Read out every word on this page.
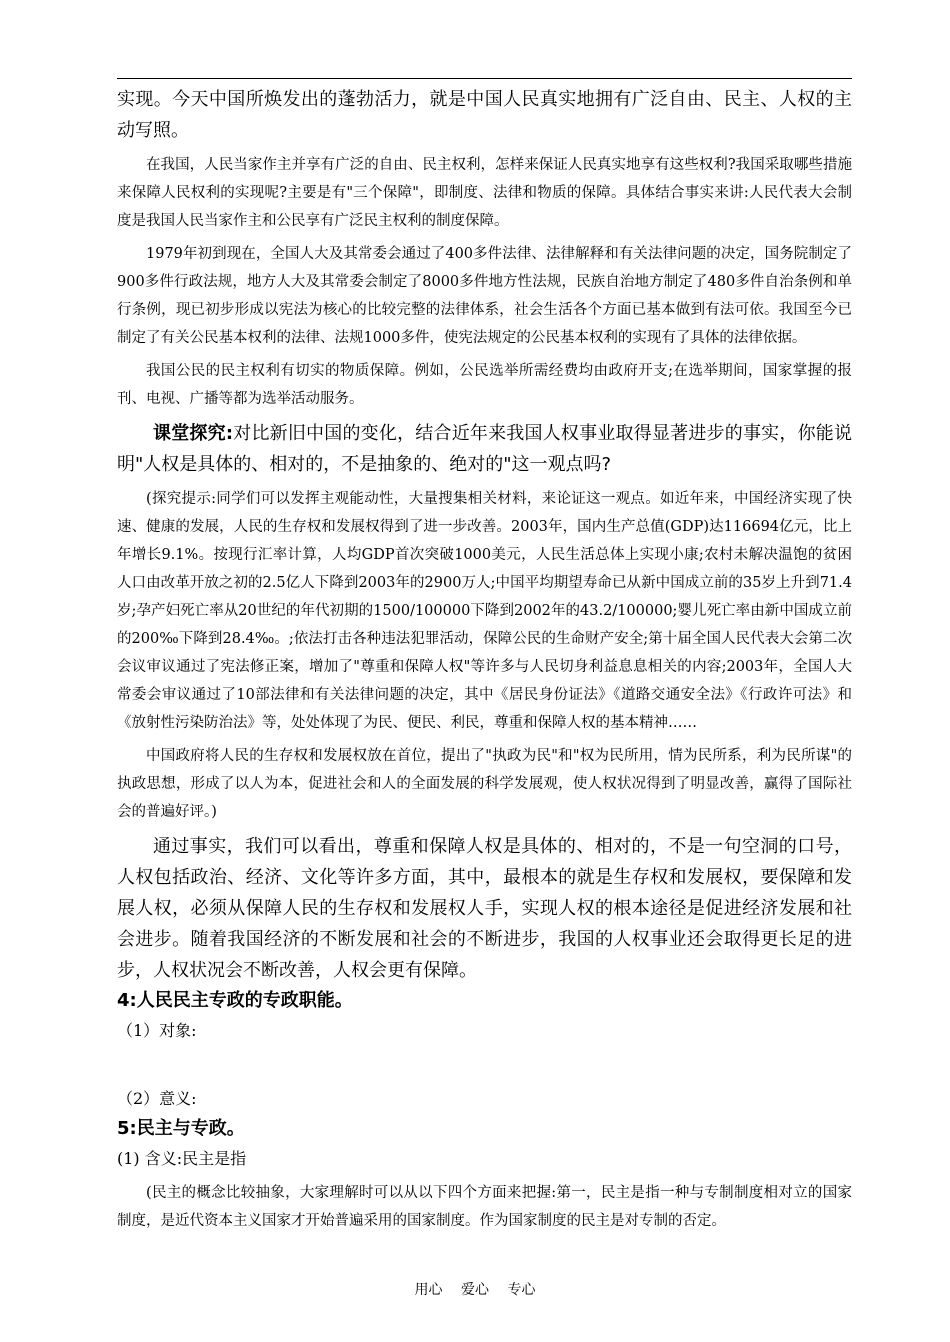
实现。今天中国所焕发出的蓬勃活力，就是中国人民真实地拥有广泛自由、民主、人权的主动写照。

在我国，人民当家作主并享有广泛的自由、民主权利，怎样来保证人民真实地享有这些权利?我国采取哪些措施来保障人民权利的实现呢?主要是有"三个保障"，即制度、法律和物质的保障。具体结合事实来讲:人民代表大会制度是我国人民当家作主和公民享有广泛民主权利的制度保障。

1979年初到现在，全国人大及其常委会通过了400多件法律、法律解释和有关法律问题的决定，国务院制定了900多件行政法规，地方人大及其常委会制定了8000多件地方性法规，民族自治地方制定了480多件自治条例和单行条例，现已初步形成以宪法为核心的比较完整的法律体系，社会生活各个方面已基本做到有法可依。我国至今已制定了有关公民基本权利的法律、法规1000多件，使宪法规定的公民基本权利的实现有了具体的法律依据。

我国公民的民主权利有切实的物质保障。例如，公民选举所需经费均由政府开支;在选举期间，国家掌握的报刊、电视、广播等都为选举活动服务。

课堂探究:对比新旧中国的变化，结合近年来我国人权事业取得显著进步的事实，你能说明"人权是具体的、相对的，不是抽象的、绝对的"这一观点吗?

(探究提示:同学们可以发挥主观能动性，大量搜集相关材料，来论证这一观点。如近年来，中国经济实现了快速、健康的发展，人民的生存权和发展权得到了进一步改善。2003年，国内生产总值(GDP)达116694亿元，比上年增长9.1%。按现行汇率计算，人均GDP首次突破1000美元，人民生活总体上实现小康;农村未解决温饱的贫困人口由改革开放之初的2.5亿人下降到2003年的2900万人;中国平均期望寿命已从新中国成立前的35岁上升到71.4岁;孕产妇死亡率从20世纪的年代初期的1500/100000下降到2002年的43.2/100000;婴儿死亡率由新中国成立前的200‰下降到28.4‰。;依法打击各种违法犯罪活动，保障公民的生命财产安全;第十届全国人民代表大会第二次会议审议通过了宪法修正案，增加了"尊重和保障人权"等许多与人民切身利益息息相关的内容;2003年，全国人大常委会审议通过了10部法律和有关法律问题的决定，其中《居民身份证法》《道路交通安全法》《行政许可法》和《放射性污染防治法》等，处处体现了为民、便民、利民，尊重和保障人权的基本精神……

中国政府将人民的生存权和发展权放在首位，提出了"执政为民"和"权为民所用，情为民所系，利为民所谋"的执政思想，形成了以人为本，促进社会和人的全面发展的科学发展观，使人权状况得到了明显改善，赢得了国际社会的普遍好评。)

通过事实，我们可以看出，尊重和保障人权是具体的、相对的，不是一句空洞的口号，人权包括政治、经济、文化等许多方面，其中，最根本的就是生存权和发展权，要保障和发展人权，必须从保障人民的生存权和发展权人手，实现人权的根本途径是促进经济发展和社会进步。随着我国经济的不断发展和社会的不断进步，我国的人权事业还会取得更长足的进步，人权状况会不断改善，人权会更有保障。

4:人民民主专政的专政职能。

（1）对象:

（2）意义:

5:民主与专政。

(1) 含义:民主是指

(民主的概念比较抽象，大家理解时可以从以下四个方面来把握:第一，民主是指一种与专制制度相对立的国家制度，是近代资本主义国家才开始普遍采用的国家制度。作为国家制度的民主是对专制的否定。

用心 爱心 专心
